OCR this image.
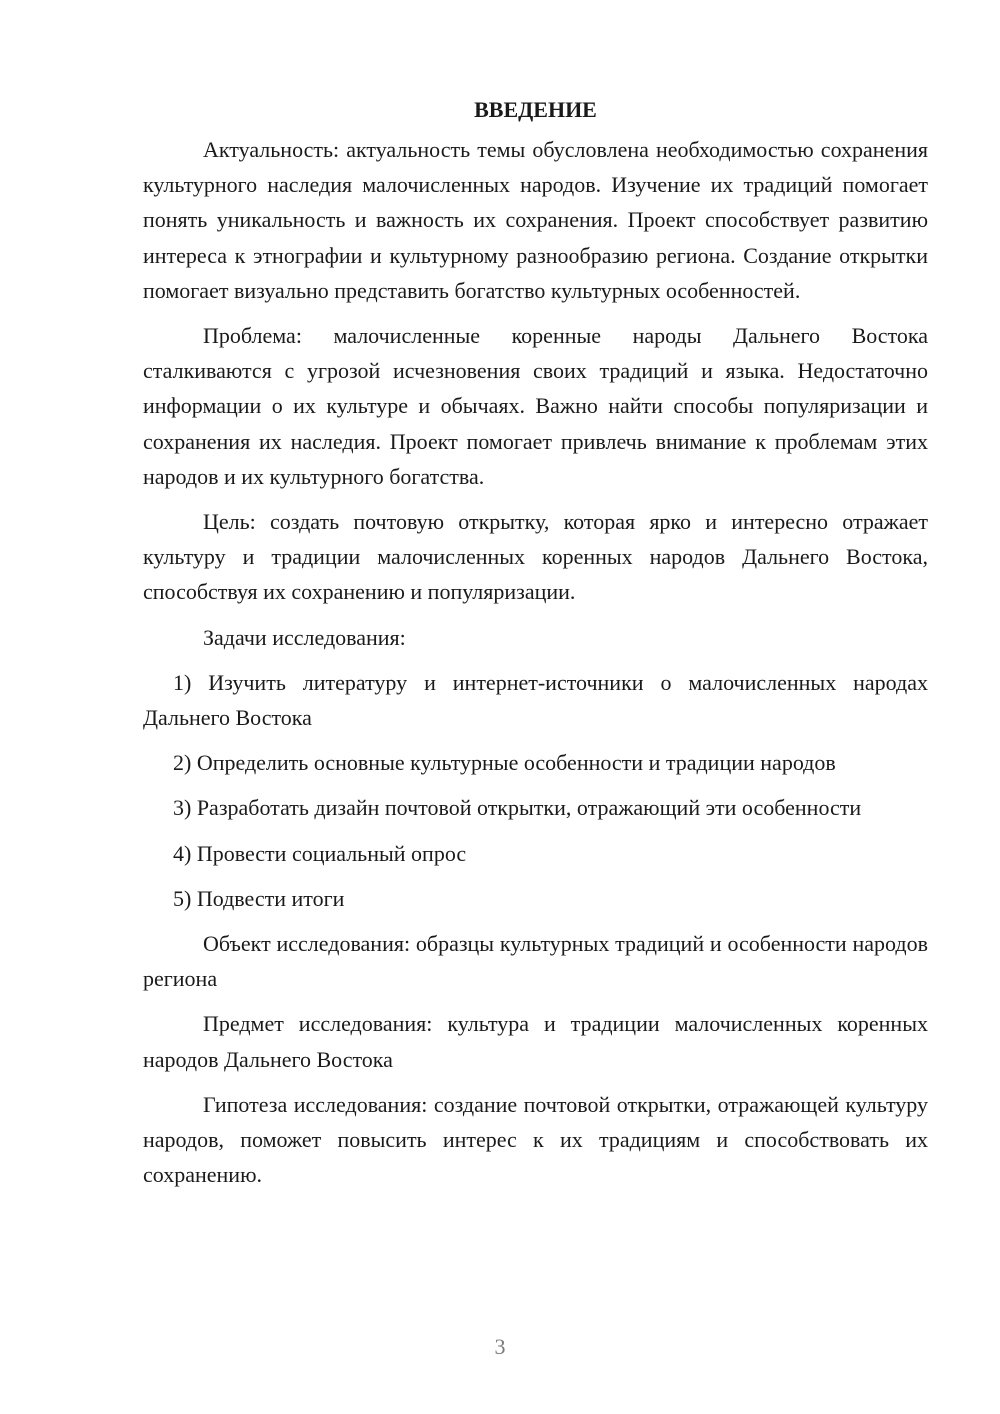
ВВЕДЕНИЕ

Актуальность: актуальность темы обусловлена необходимостью сохранения культурного наследия малочисленных народов. Изучение их традиций помогает понять уникальность и важность их сохранения. Проект способствует развитию интереса к этнографии и культурному разнообразию региона. Создание открытки помогает визуально представить богатство культурных особенностей.

Проблема: малочисленные коренные народы Дальнего Востока сталкиваются с угрозой исчезновения своих традиций и языка. Недостаточно информации о их культуре и обычаях. Важно найти способы популяризации и сохранения их наследия. Проект помогает привлечь внимание к проблемам этих народов и их культурного богатства.

Цель: создать почтовую открытку, которая ярко и интересно отражает культуру и традиции малочисленных коренных народов Дальнего Востока, способствуя их сохранению и популяризации.

Задачи исследования:

1) Изучить литературу и интернет-источники о малочисленных народах Дальнего Востока

2) Определить основные культурные особенности и традиции народов

3) Разработать дизайн почтовой открытки, отражающий эти особенности

4) Провести социальный опрос

5) Подвести итоги

Объект исследования: образцы культурных традиций и особенности народов региона

Предмет исследования: культура и традиции малочисленных коренных народов Дальнего Востока

Гипотеза исследования: создание почтовой открытки, отражающей культуру народов, поможет повысить интерес к их традициям и способствовать их сохранению.

3
